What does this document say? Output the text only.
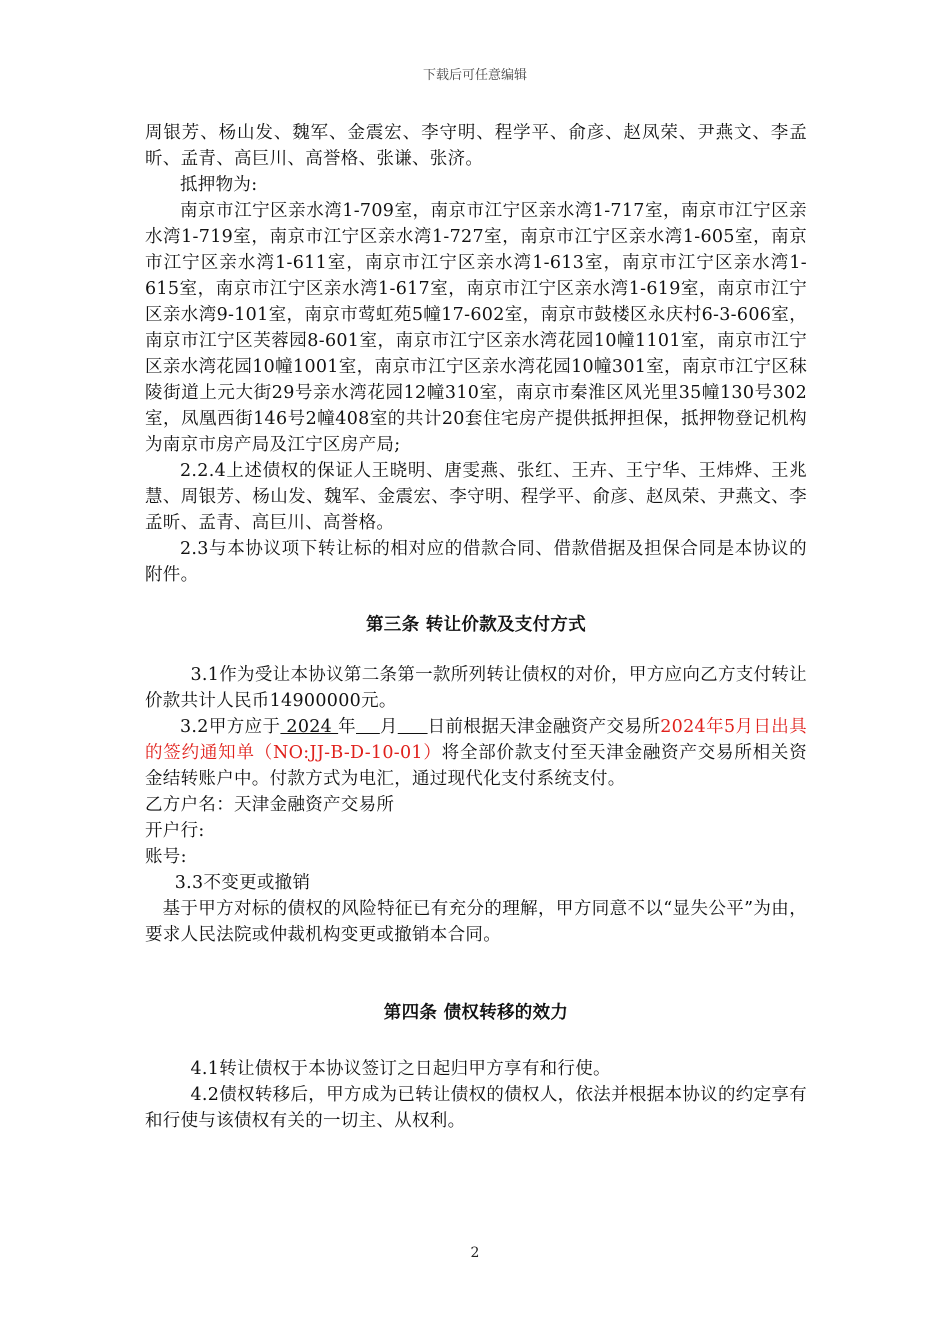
下载后可任意编辑

周银芳、杨山发、魏军、金震宏、李守明、程学平、俞彦、赵凤荣、尹燕文、李孟昕、孟青、高巨川、高誉格、张谦、张济。

抵押物为:

南京市江宁区亲水湾1-709室，南京市江宁区亲水湾1-717室，南京市江宁区亲水湾1-719室，南京市江宁区亲水湾1-727室，南京市江宁区亲水湾1-605室，南京市江宁区亲水湾1-611室，南京市江宁区亲水湾1-613室，南京市江宁区亲水湾1-615室，南京市江宁区亲水湾1-617室，南京市江宁区亲水湾1-619室，南京市江宁区亲水湾9-101室，南京市莺虹苑5幢17-602室，南京市鼓楼区永庆村6-3-606室，南京市江宁区芙蓉园8-601室，南京市江宁区亲水湾花园10幢1101室，南京市江宁区亲水湾花园10幢1001室，南京市江宁区亲水湾花园10幢301室，南京市江宁区秣陵街道上元大街29号亲水湾花园12幢310室，南京市秦淮区风光里35幢130号302室，凤凰西街146号2幢408室的共计20套住宅房产提供抵押担保，抵押物登记机构为南京市房产局及江宁区房产局;

2.2.4上述债权的保证人王晓明、唐雯燕、张红、王卉、王宁华、王炜烨、王兆慧、周银芳、杨山发、魏军、金震宏、李守明、程学平、俞彦、赵凤荣、尹燕文、李孟昕、孟青、高巨川、高誉格。

2.3与本协议项下转让标的相对应的借款合同、借款借据及担保合同是本协议的附件。

第三条 转让价款及支付方式

3.1作为受让本协议第二条第一款所列转让债权的对价，甲方应向乙方支付转让价款共计人民币14900000元。

3.2甲方应于 2024 年 月 日前根据天津金融资产交易所2024年5月日出具的签约通知单（NO:JJ-B-D-10-01）将全部价款支付至天津金融资产交易所相关资金结转账户中。付款方式为电汇，通过现代化支付系统支付。

乙方户名：天津金融资产交易所

开户行:

账号:

3.3不变更或撤销

基于甲方对标的债权的风险特征已有充分的理解，甲方同意不以“显失公平”为由，要求人民法院或仲裁机构变更或撤销本合同。

第四条 债权转移的效力

4.1转让债权于本协议签订之日起归甲方享有和行使。

4.2债权转移后，甲方成为已转让债权的债权人，依法并根据本协议的约定享有和行使与该债权有关的一切主、从权利。

2
